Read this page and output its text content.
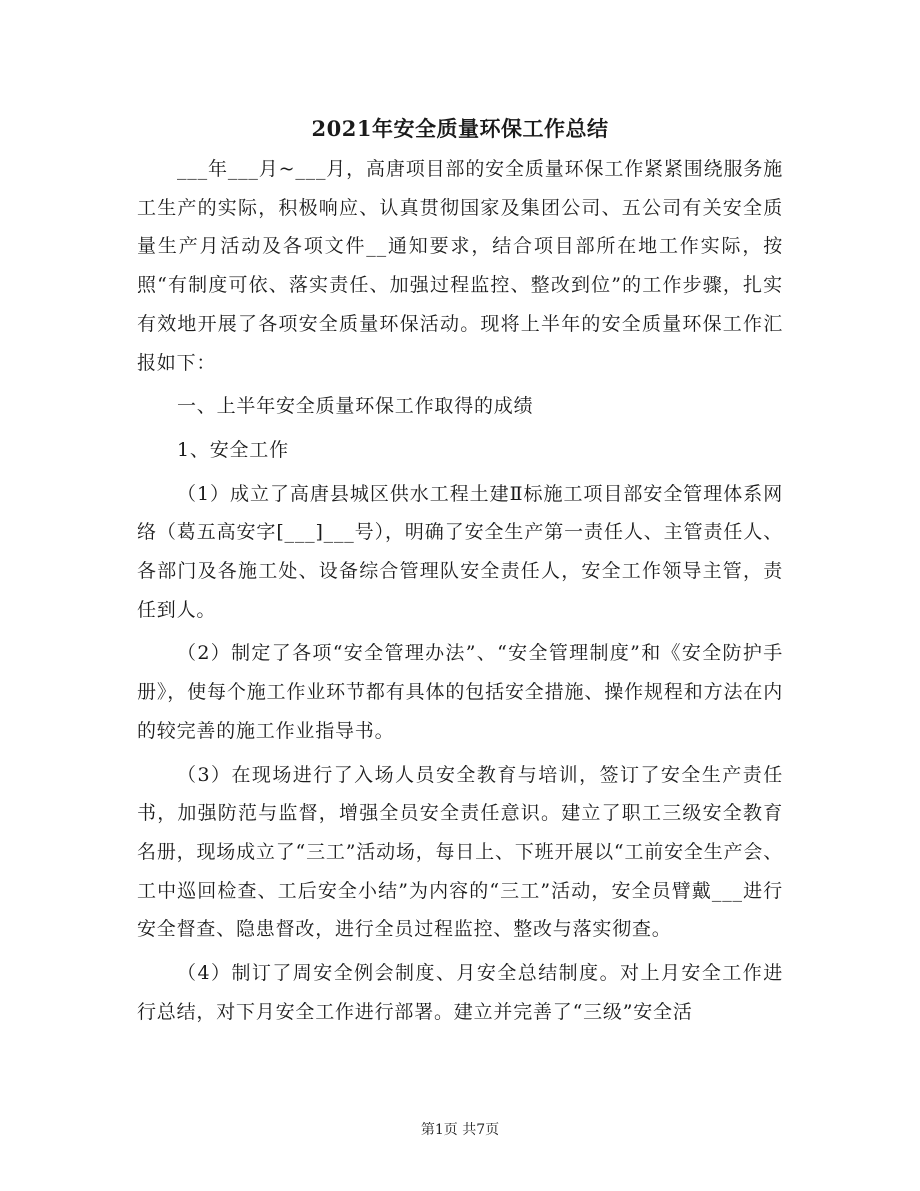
2021年安全质量环保工作总结

___年___月~___月，高唐项目部的安全质量环保工作紧紧围绕服务施工生产的实际，积极响应、认真贯彻国家及集团公司、五公司有关安全质量生产月活动及各项文件__通知要求，结合项目部所在地工作实际，按照“有制度可依、落实责任、加强过程监控、整改到位”的工作步骤，扎实有效地开展了各项安全质量环保活动。现将上半年的安全质量环保工作汇报如下：

一、上半年安全质量环保工作取得的成绩

1、安全工作

（1）成立了高唐县城区供水工程土建Ⅱ标施工项目部安全管理体系网络（葛五高安字[___]___号），明确了安全生产第一责任人、主管责任人、各部门及各施工处、设备综合管理队安全责任人，安全工作领导主管，责任到人。

（2）制定了各项“安全管理办法”、“安全管理制度”和《安全防护手册》，使每个施工作业环节都有具体的包括安全措施、操作规程和方法在内的较完善的施工作业指导书。

（3）在现场进行了入场人员安全教育与培训，签订了安全生产责任书，加强防范与监督，增强全员安全责任意识。建立了职工三级安全教育名册，现场成立了“三工”活动场，每日上、下班开展以“工前安全生产会、工中巡回检查、工后安全小结”为内容的“三工”活动，安全员臂戴___进行安全督查、隐患督改，进行全员过程监控、整改与落实彻查。

（4）制订了周安全例会制度、月安全总结制度。对上月安全工作进行总结，对下月安全工作进行部署。建立并完善了“三级”安全活

第1页 共7页
